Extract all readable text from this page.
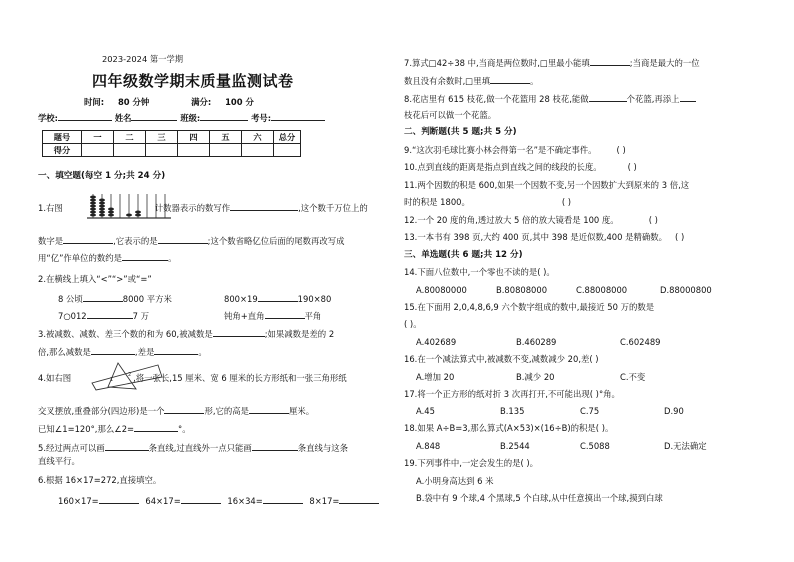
2023-2024 第一学期
四年级数学期末质量监测试卷
时间: 80 分钟	满分: 100 分
学校:	姓名	班级:	考号:
题号	一	二	三	四	五	六	总分
得分							
一、填空题(每空 1 分;共 24 分)
1.右图	计数器表示的数写作	,这个数千万位上的
数字是	,它表示的是	;这个数省略亿位后面的尾数再改写成
用“亿”作单位的数约是	。
2.在横线上填入“<”“>”或“=”
8 公顷	8000 平方米	800×19	190×80
7○012	7 万	钝角+直角	平角
3.被减数、减数、差三个数的和为 60,被减数是	;如果减数是差的 2
倍,那么减数是	,差是	。
4.如右图	,将一张长,15 厘米、宽 6 厘米的长方形纸和一张三角形纸
1
2
交叉摆放,重叠部分(四边形)是一个	形,它的高是	厘米。
已知∠1=120°,那么∠2=	°。
5.经过两点可以画	条直线,过直线外一点只能画	条直线与这条
直线平行。
6.根据 16×17=272,直接填空。
160×17=	64×17=	16×34=	8×17=
7.算式□42÷38 中,当商是两位数时,□里最小能填	;当商是最大的一位
数且没有余数时,□里填	。
8.花店里有 615 枝花,做一个花篮用 28 枝花,能做	个花篮,再添上
枝花后可以做一个花篮。
二、判断题(共 5 题;共 5 分)
9.“这次羽毛球比赛小林会得第一名”是不确定事件。 ( )
10.点到直线的距离是指点到直线之间的线段的长度。	( )
11.两个因数的积是 600,如果一个因数不变,另一个因数扩大到原来的 3 倍,这
时的积是 1800。	( )
12.一个 20 度的角,透过放大 5 倍的放大镜看是 100 度。	( )
13.一本书有 398 页,大约 400 页,其中 398 是近似数,400 是精确数。 ( )
三、单选题(共 6 题;共 12 分)
14.下面八位数中,一个零也不读的是( )。
A.80080000	B.80808000	C.88008000	D.88000800
15.在下面用 2,0,4,8,6,9 六个数字组成的数中,最接近 50 万的数是
( )。
A.402689	B.460289	C.602489
16.在一个减法算式中,被减数不变,减数减少 20,差( )
A.增加 20	B.减少 20	C.不变
17.将一个正方形的纸对折 3 次再打开,不可能出现( )°角。
A.45	B.135	C.75	D.90
18.如果 A÷B=3,那么算式(A×53)×(16÷B)的积是( )。
A.848	B.2544	C.5088	D.无法确定
19.下列事件中,一定会发生的是( )。
A.小明身高达到 6 米
B.袋中有 9 个球,4 个黑球,5 个白球,从中任意摸出一个球,摸到白球
